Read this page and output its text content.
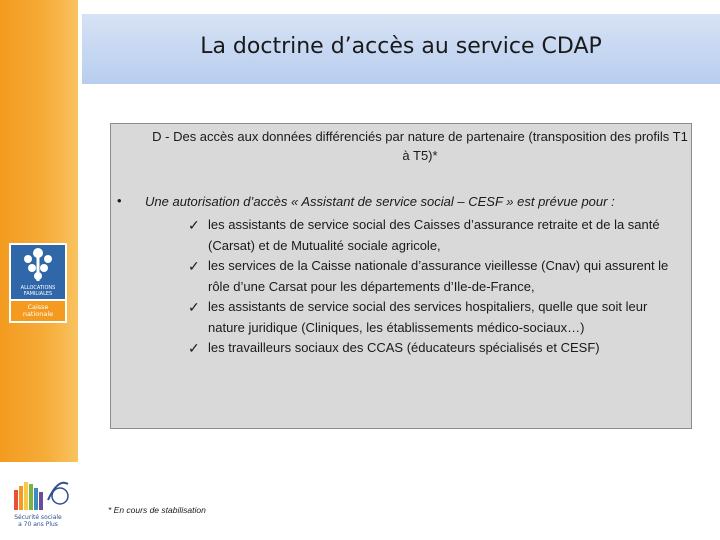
La doctrine d’accès au service CDAP
ALLOCATIONS
FAMILIALES
Caisse
nationale
Sécurité sociale
a 70 ans Plus
D - Des accès aux données différenciés par nature de partenaire (transposition des profils T1 à T5)*
• Une autorisation d’accès « Assistant de service social – CESF » est prévue pour :
✓ les assistants de service social des Caisses d’assurance retraite et de la santé (Carsat) et de Mutualité sociale agricole,
✓ les services de la Caisse nationale d’assurance vieillesse (Cnav) qui assurent le rôle d’une Carsat pour les départements d’Ile-de-France,
✓ les assistants de service social des services hospitaliers, quelle que soit leur nature juridique (Cliniques, les établissements médico-sociaux…)
✓ les travailleurs sociaux des CCAS (éducateurs spécialisés et CESF)
* En cours de stabilisation
